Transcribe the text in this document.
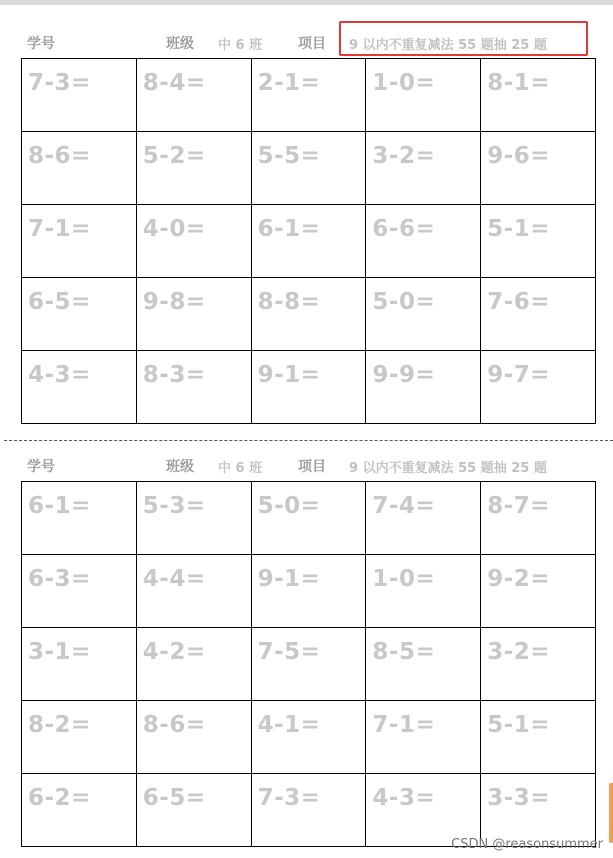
学号	班级 中 6 班	项目 9 以内不重复减法 55 题抽 25 题
7-3= 8-4= 2-1= 1-0= 8-1=
8-6= 5-2= 5-5= 3-2= 9-6=
7-1= 4-0= 6-1= 6-6= 5-1=
6-5= 9-8= 8-8= 5-0= 7-6=
4-3= 8-3= 9-1= 9-9= 9-7=
学号	班级 中 6 班	项目 9 以内不重复减法 55 题抽 25 题
6-1= 5-3= 5-0= 7-4= 8-7=
6-3= 4-4= 9-1= 1-0= 9-2=
3-1= 4-2= 7-5= 8-5= 3-2=
8-2= 8-6= 4-1= 7-1= 5-1=
6-2= 6-5= 7-3= 4-3= 3-3=
CSDN @reasonsummer
